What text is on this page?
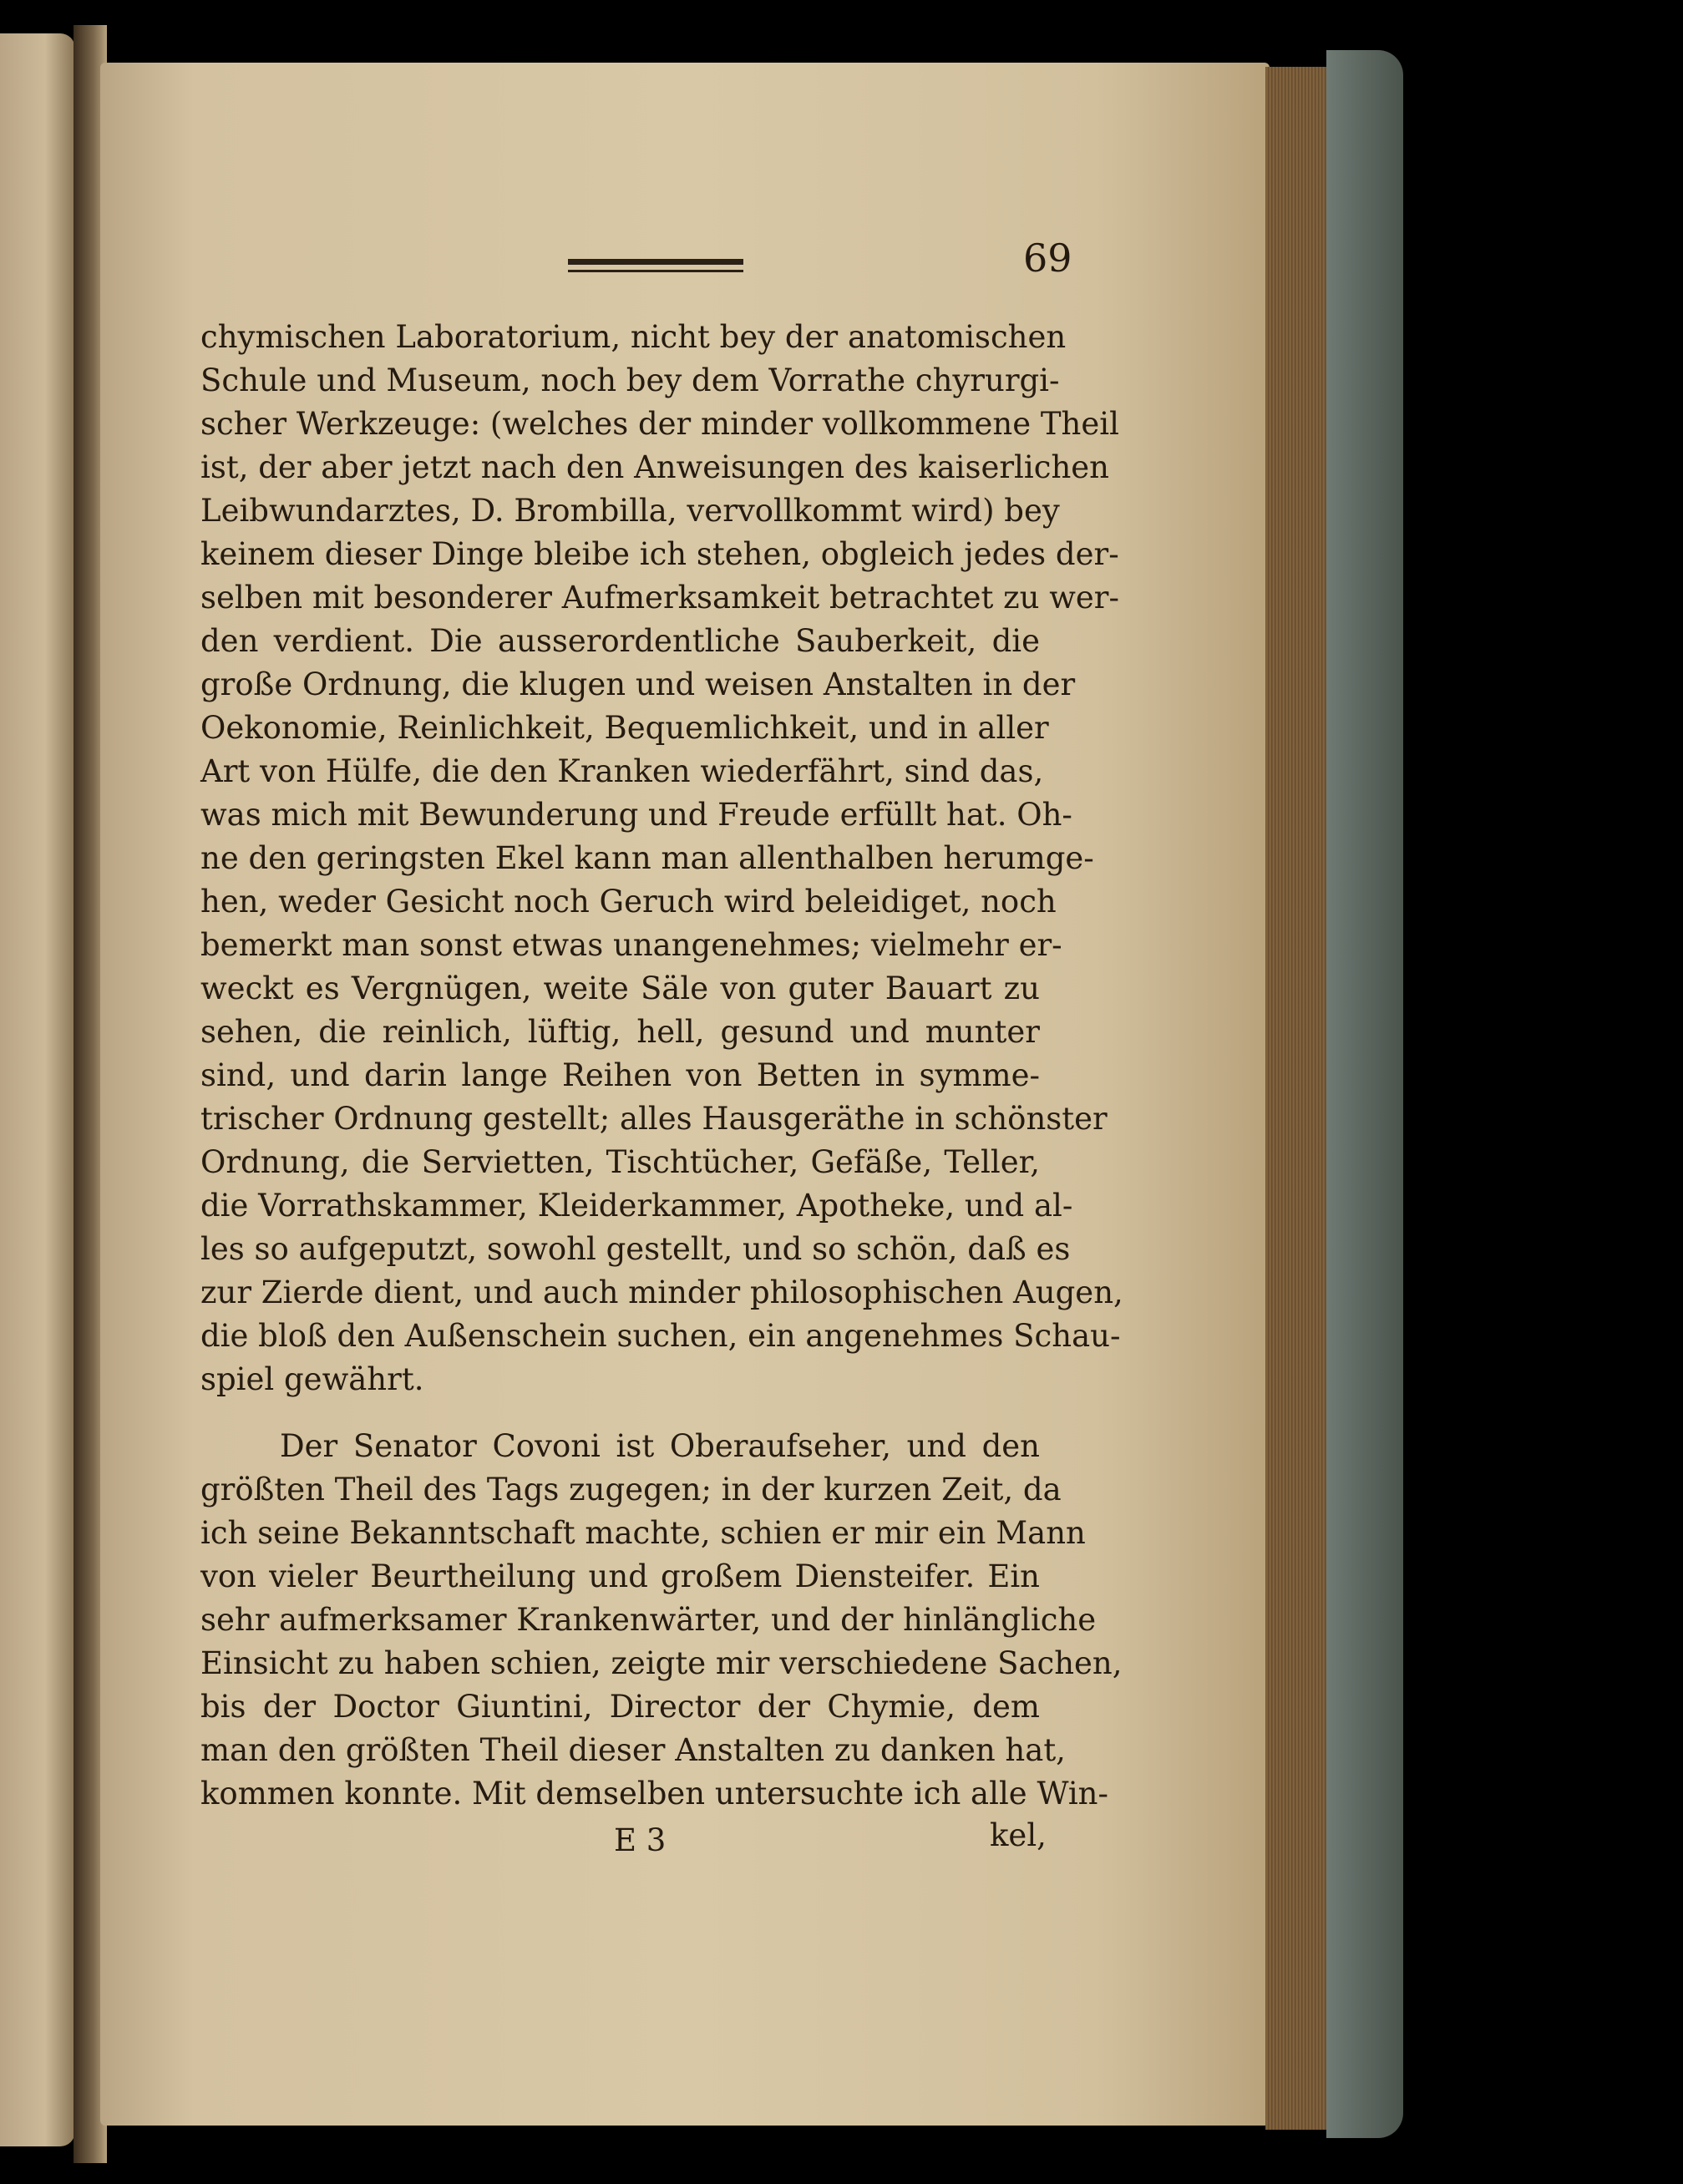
69
chymischen Laboratorium, nicht bey der anatomischen
Schule und Museum, noch bey dem Vorrathe chyrurgi-
scher Werkzeuge: (welches der minder vollkommene Theil
ist, der aber jetzt nach den Anweisungen des kaiserlichen
Leibwundarztes, D. Brombilla, vervollkommt wird) bey
keinem dieser Dinge bleibe ich stehen, obgleich jedes der-
selben mit besonderer Aufmerksamkeit betrachtet zu wer-
den verdient. Die ausserordentliche Sauberkeit, die
große Ordnung, die klugen und weisen Anstalten in der
Oekonomie, Reinlichkeit, Bequemlichkeit, und in aller
Art von Hülfe, die den Kranken wiederfährt, sind das,
was mich mit Bewunderung und Freude erfüllt hat. Oh-
ne den geringsten Ekel kann man allenthalben herumge-
hen, weder Gesicht noch Geruch wird beleidiget, noch
bemerkt man sonst etwas unangenehmes; vielmehr er-
weckt es Vergnügen, weite Säle von guter Bauart zu
sehen, die reinlich, lüftig, hell, gesund und munter
sind, und darin lange Reihen von Betten in symme-
trischer Ordnung gestellt; alles Hausgeräthe in schönster
Ordnung, die Servietten, Tischtücher, Gefäße, Teller,
die Vorrathskammer, Kleiderkammer, Apotheke, und al-
les so aufgeputzt, sowohl gestellt, und so schön, daß es
zur Zierde dient, und auch minder philosophischen Augen,
die bloß den Außenschein suchen, ein angenehmes Schau-
spiel gewährt.
Der Senator Covoni ist Oberaufseher, und den
größten Theil des Tags zugegen; in der kurzen Zeit, da
ich seine Bekanntschaft machte, schien er mir ein Mann
von vieler Beurtheilung und großem Diensteifer. Ein
sehr aufmerksamer Krankenwärter, und der hinlängliche
Einsicht zu haben schien, zeigte mir verschiedene Sachen,
bis der Doctor Giuntini, Director der Chymie, dem
man den größten Theil dieser Anstalten zu danken hat,
kommen konnte. Mit demselben untersuchte ich alle Win-
E 3	kel,
